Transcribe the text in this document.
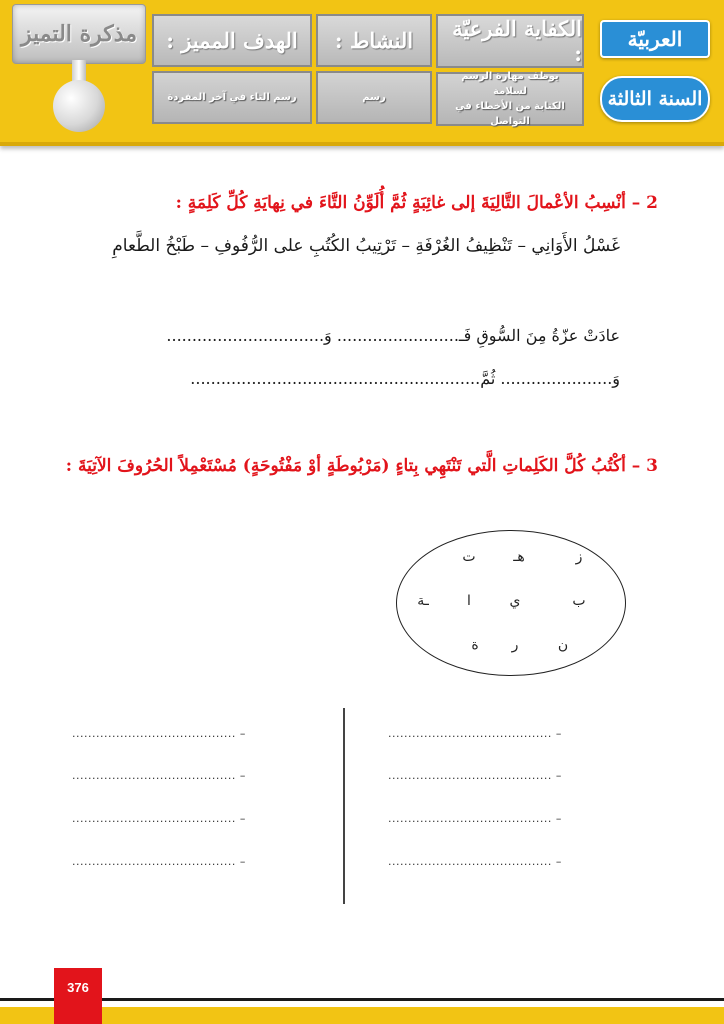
مذكرة التميز	الهدف المميز :
رسم التاء في آخر المفردة
النشاط :
رسم
الكفاية الفرعيّة :
يوظف مهارة الرسم لسلامة
الكتابة من الأخطاء في التواصل
العربيّة
السنة الثالثة
2 – أنْسِبُ الأعْمالَ التَّالِيَةَ إلى غائِبَةٍ ثُمَّ أُلَوِّنُ التَّاءَ في نِهايَةِ كُلِّ كَلِمَةٍ :
غَسْلُ الأَوَانِي – تَنْظِيفُ الغُرْفَةِ – تَرْتِيبُ الكُتُبِ على الرُّفُوفِ – طَبْخُ الطَّعامِ
عادَتْ عزّةُ مِنَ السُّوقِ فَـ........................ وَ...............................
وَ...................... ثُمَّ.........................................................
3 – أكْتُبُ كُلَّ الكَلِماتِ الَّتي تَنْتَهِي بِتاءٍ (مَرْبُوطَةٍ أوْ مَفْتُوحَةٍ) مُسْتَعْمِلاً الحُرُوفَ الآتِيَةَ :
ز
هـ
ت
ب
ي
ا
ـة
ن
ر
ة
......................................... –
......................................... –
......................................... –
......................................... –
......................................... –
......................................... –
......................................... –
......................................... –
376
